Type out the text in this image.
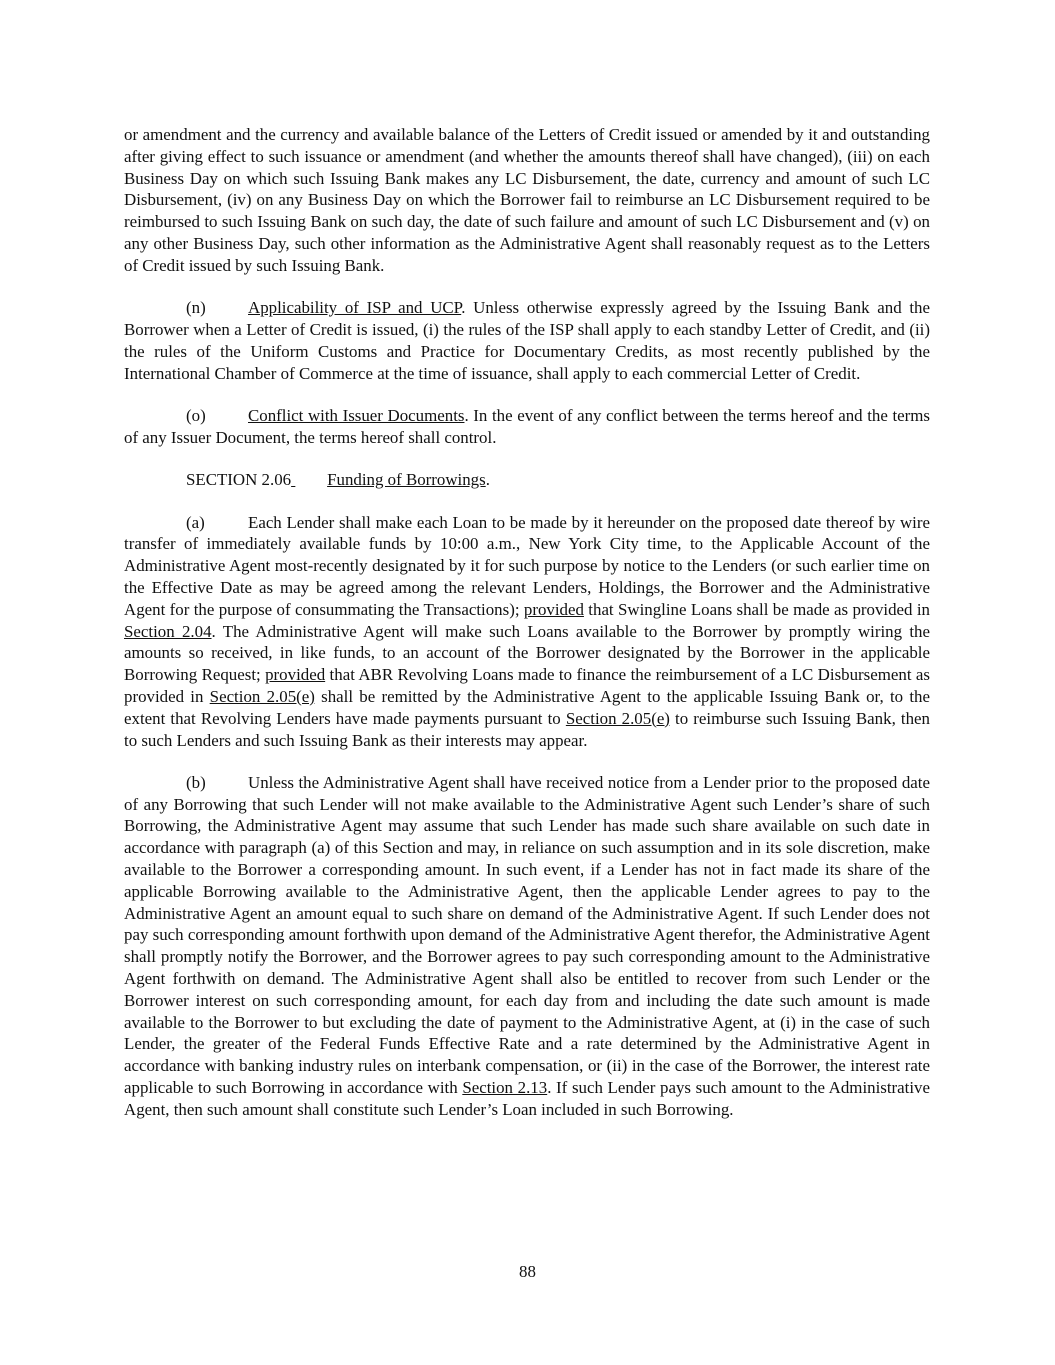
or amendment and the currency and available balance of the Letters of Credit issued or amended by it and outstanding after giving effect to such issuance or amendment (and whether the amounts thereof shall have changed), (iii) on each Business Day on which such Issuing Bank makes any LC Disbursement, the date, currency and amount of such LC Disbursement, (iv) on any Business Day on which the Borrower fail to reimburse an LC Disbursement required to be reimbursed to such Issuing Bank on such day, the date of such failure and amount of such LC Disbursement and (v) on any other Business Day, such other information as the Administrative Agent shall reasonably request as to the Letters of Credit issued by such Issuing Bank.

(n)	Applicability of ISP and UCP. Unless otherwise expressly agreed by the Issuing Bank and the Borrower when a Letter of Credit is issued, (i) the rules of the ISP shall apply to each standby Letter of Credit, and (ii) the rules of the Uniform Customs and Practice for Documentary Credits, as most recently published by the International Chamber of Commerce at the time of issuance, shall apply to each commercial Letter of Credit.

(o)	Conflict with Issuer Documents. In the event of any conflict between the terms hereof and the terms of any Issuer Document, the terms hereof shall control.

SECTION 2.06 Funding of Borrowings.

(a)	Each Lender shall make each Loan to be made by it hereunder on the proposed date thereof by wire transfer of immediately available funds by 10:00 a.m., New York City time, to the Applicable Account of the Administrative Agent most-recently designated by it for such purpose by notice to the Lenders (or such earlier time on the Effective Date as may be agreed among the relevant Lenders, Holdings, the Borrower and the Administrative Agent for the purpose of consummating the Transactions); provided that Swingline Loans shall be made as provided in Section 2.04. The Administrative Agent will make such Loans available to the Borrower by promptly wiring the amounts so received, in like funds, to an account of the Borrower designated by the Borrower in the applicable Borrowing Request; provided that ABR Revolving Loans made to finance the reimbursement of a LC Disbursement as provided in Section 2.05(e) shall be remitted by the Administrative Agent to the applicable Issuing Bank or, to the extent that Revolving Lenders have made payments pursuant to Section 2.05(e) to reimburse such Issuing Bank, then to such Lenders and such Issuing Bank as their interests may appear.

(b)	Unless the Administrative Agent shall have received notice from a Lender prior to the proposed date of any Borrowing that such Lender will not make available to the Administrative Agent such Lender’s share of such Borrowing, the Administrative Agent may assume that such Lender has made such share available on such date in accordance with paragraph (a) of this Section and may, in reliance on such assumption and in its sole discretion, make available to the Borrower a corresponding amount. In such event, if a Lender has not in fact made its share of the applicable Borrowing available to the Administrative Agent, then the applicable Lender agrees to pay to the Administrative Agent an amount equal to such share on demand of the Administrative Agent. If such Lender does not pay such corresponding amount forthwith upon demand of the Administrative Agent therefor, the Administrative Agent shall promptly notify the Borrower, and the Borrower agrees to pay such corresponding amount to the Administrative Agent forthwith on demand. The Administrative Agent shall also be entitled to recover from such Lender or the Borrower interest on such corresponding amount, for each day from and including the date such amount is made available to the Borrower to but excluding the date of payment to the Administrative Agent, at (i) in the case of such Lender, the greater of the Federal Funds Effective Rate and a rate determined by the Administrative Agent in accordance with banking industry rules on interbank compensation, or (ii) in the case of the Borrower, the interest rate applicable to such Borrowing in accordance with Section 2.13. If such Lender pays such amount to the Administrative Agent, then such amount shall constitute such Lender’s Loan included in such Borrowing.

88
